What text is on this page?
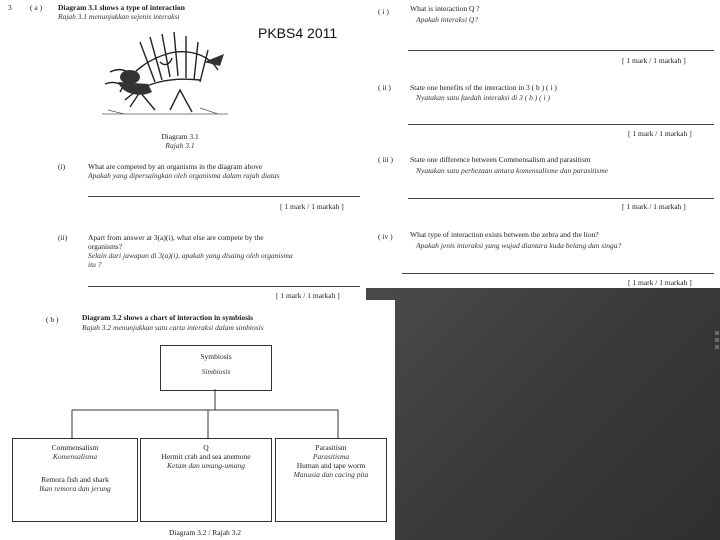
3 ( a ) Diagram 3.1 shows a type of interaction
Rajah 3.1 menunjukkan sejenis interaksi
PKBS4 2011
Diagram 3.1
Rajah 3.1
(i)	What are competed by an organisms in the diagram above
Apakah yang dipersaingkan oleh organisma dalam rajah diatas
[ 1 mark / 1 markah ]
(ii)	Apart from answer at 3(a)(i), what else are compete by the
organisms?
Selain dari jawapan di 3(a)(i), apakah yang disaing oleh organisma
itu ?
[ 1 mark / 1 markah ]
( i )	What is interaction Q ?
Apakah interaksi Q?
[ 1 mark / 1 markah ]
( ii )	State one benefits of the interaction in 3 ( b ) ( i )
Nyatakan satu faedah interaksi di 3 ( b ) ( i )
[ 1 mark / 1 markah ]
( iii ) State one difference between Commensalism and parasitism
Nyatakan satu perbezaan antara komensalisme dan parasitisme
[ 1 mark / 1 markah ]
( iv ) What type of interaction exists between the zebra and the lion?
Apakah jenis interaksi yang wujud diantara kuda belang dan singa?
[ 1 mark / 1 markah ]
( b )	Diagram 3.2 shows a chart of interaction in symbiosis
Rajah 3.2 menunjukkan satu carta interaksi dalam simbiosis
Symbiosis
Simbiosis
Commensalism
Komensalisma
Remora fish and shark
Ikan remora dan jerung
Q
Hermit crab and sea anemone
Ketam dan umang-umang
Parasitism
Parasitisma
Human and tape worm
Manusia dan cacing pita
Diagram 3.2 / Rajah 3.2
